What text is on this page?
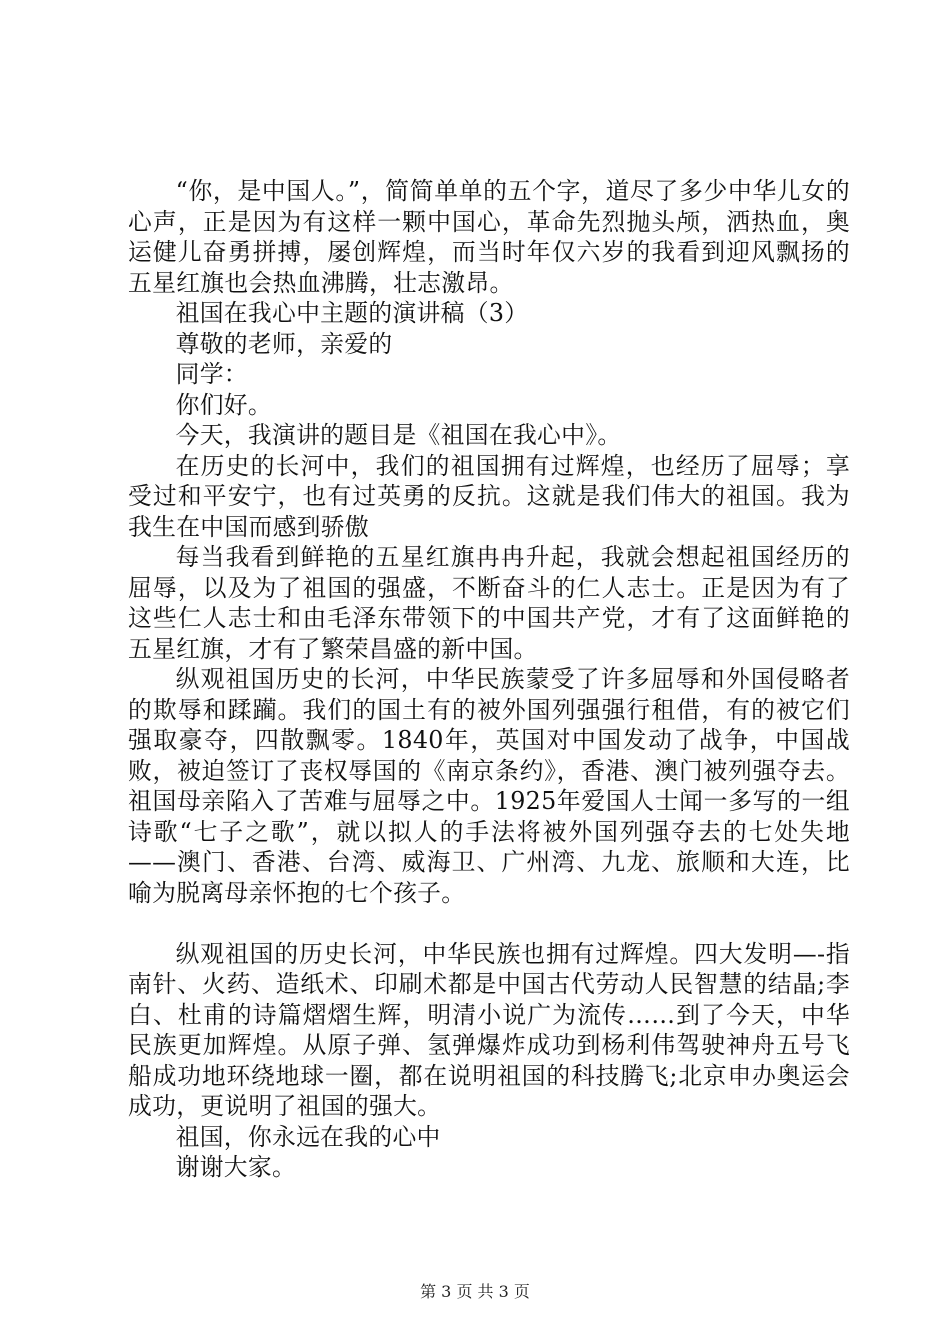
“你，是中国人。”，简简单单的五个字，道尽了多少中华儿女的心声，正是因为有这样一颗中国心，革命先烈抛头颅，洒热血，奥运健儿奋勇拼搏，屡创辉煌，而当时年仅六岁的我看到迎风飘扬的五星红旗也会热血沸腾，壮志激昂。

祖国在我心中主题的演讲稿（3）

尊敬的老师，亲爱的

同学：

你们好。

今天，我演讲的题目是《祖国在我心中》。

在历史的长河中，我们的祖国拥有过辉煌，也经历了屈辱；享受过和平安宁，也有过英勇的反抗。这就是我们伟大的祖国。我为我生在中国而感到骄傲

每当我看到鲜艳的五星红旗冉冉升起，我就会想起祖国经历的屈辱，以及为了祖国的强盛，不断奋斗的仁人志士。正是因为有了这些仁人志士和由毛泽东带领下的中国共产党，才有了这面鲜艳的五星红旗，才有了繁荣昌盛的新中国。

纵观祖国历史的长河，中华民族蒙受了许多屈辱和外国侵略者的欺辱和蹂躏。我们的国土有的被外国列强强行租借，有的被它们强取豪夺，四散飘零。1840年，英国对中国发动了战争，中国战败，被迫签订了丧权辱国的《南京条约》，香港、澳门被列强夺去。祖国母亲陷入了苦难与屈辱之中。1925年爱国人士闻一多写的一组诗歌“七子之歌”，就以拟人的手法将被外国列强夺去的七处失地——澳门、香港、台湾、威海卫、广州湾、九龙、旅顺和大连，比喻为脱离母亲怀抱的七个孩子。

纵观祖国的历史长河，中华民族也拥有过辉煌。四大发明—-指南针、火药、造纸术、印刷术都是中国古代劳动人民智慧的结晶;李白、杜甫的诗篇熠熠生辉，明清小说广为流传……到了今天，中华民族更加辉煌。从原子弹、氢弹爆炸成功到杨利伟驾驶神舟五号飞船成功地环绕地球一圈，都在说明祖国的科技腾飞;北京申办奥运会成功，更说明了祖国的强大。

祖国，你永远在我的心中

谢谢大家。

第 3 页 共 3 页
